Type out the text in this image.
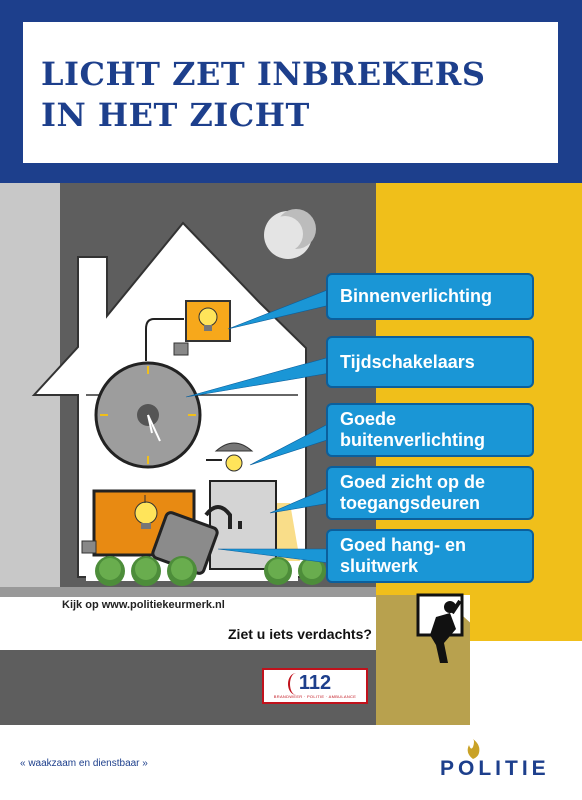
LICHT ZET INBREKERS
IN HET ZICHT
Binnenverlichting
Tijdschakelaars
Goede buitenverlichting
Goed zicht op de toegangsdeuren
Goed hang- en sluitwerk
Kijk op www.politiekeurmerk.nl
Ziet u iets verdachts?
112
BRANDWEER · POLITIE · AMBULANCE
« waakzaam en dienstbaar »	POLITIE
